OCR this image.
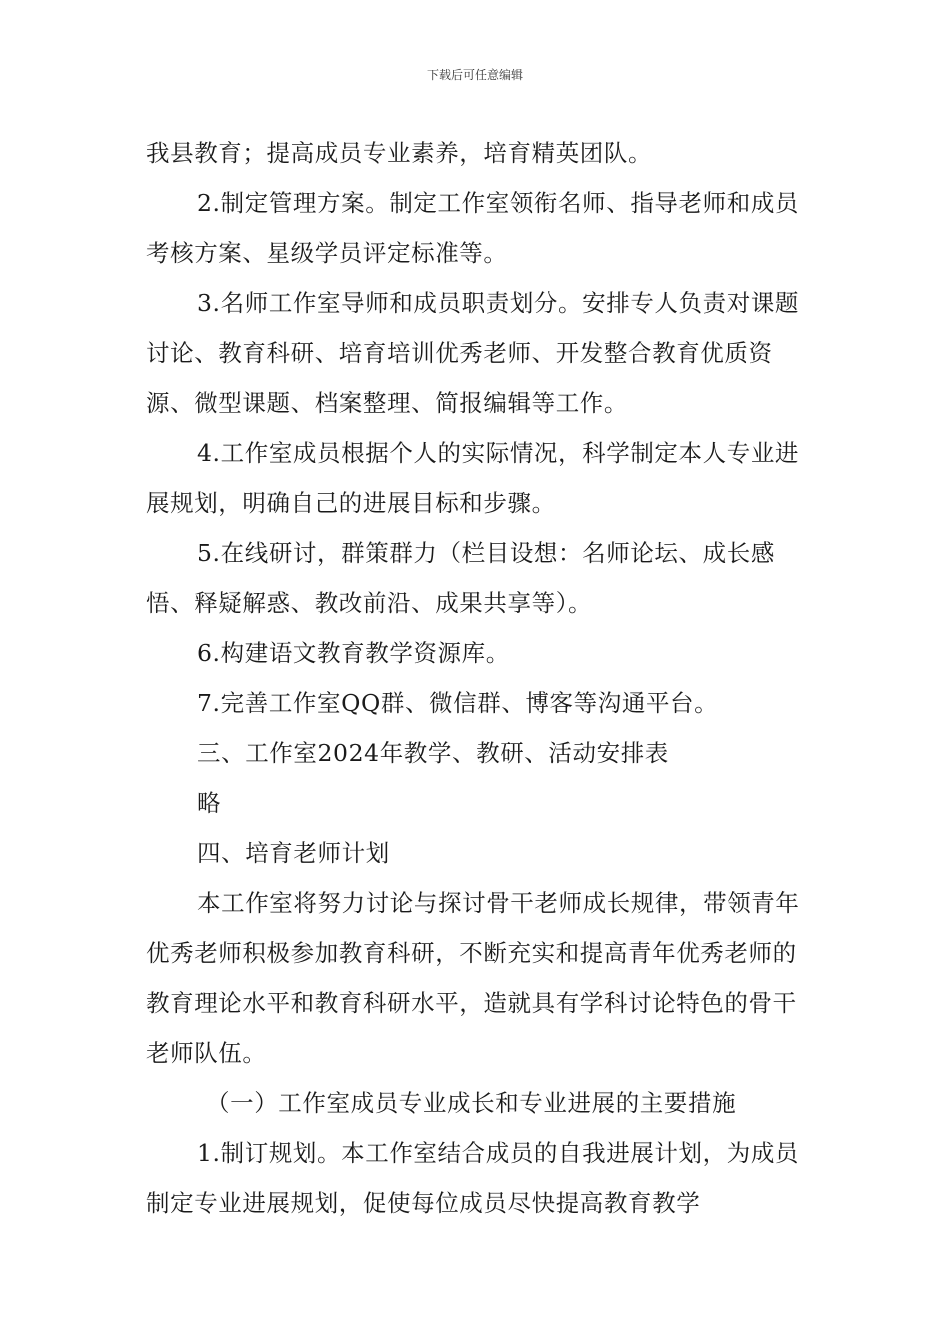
下载后可任意编辑

我县教育；提高成员专业素养，培育精英团队。

2.制定管理方案。制定工作室领衔名师、指导老师和成员考核方案、星级学员评定标准等。

3.名师工作室导师和成员职责划分。安排专人负责对课题讨论、教育科研、培育培训优秀老师、开发整合教育优质资源、微型课题、档案整理、简报编辑等工作。

4.工作室成员根据个人的实际情况，科学制定本人专业进展规划，明确自己的进展目标和步骤。

5.在线研讨，群策群力（栏目设想：名师论坛、成长感悟、释疑解惑、教改前沿、成果共享等）。

6.构建语文教育教学资源库。

7.完善工作室QQ群、微信群、博客等沟通平台。

三、工作室2024年教学、教研、活动安排表

略

四、培育老师计划

本工作室将努力讨论与探讨骨干老师成长规律，带领青年优秀老师积极参加教育科研，不断充实和提高青年优秀老师的教育理论水平和教育科研水平，造就具有学科讨论特色的骨干老师队伍。

（一）工作室成员专业成长和专业进展的主要措施

1.制订规划。本工作室结合成员的自我进展计划，为成员制定专业进展规划，促使每位成员尽快提高教育教学
